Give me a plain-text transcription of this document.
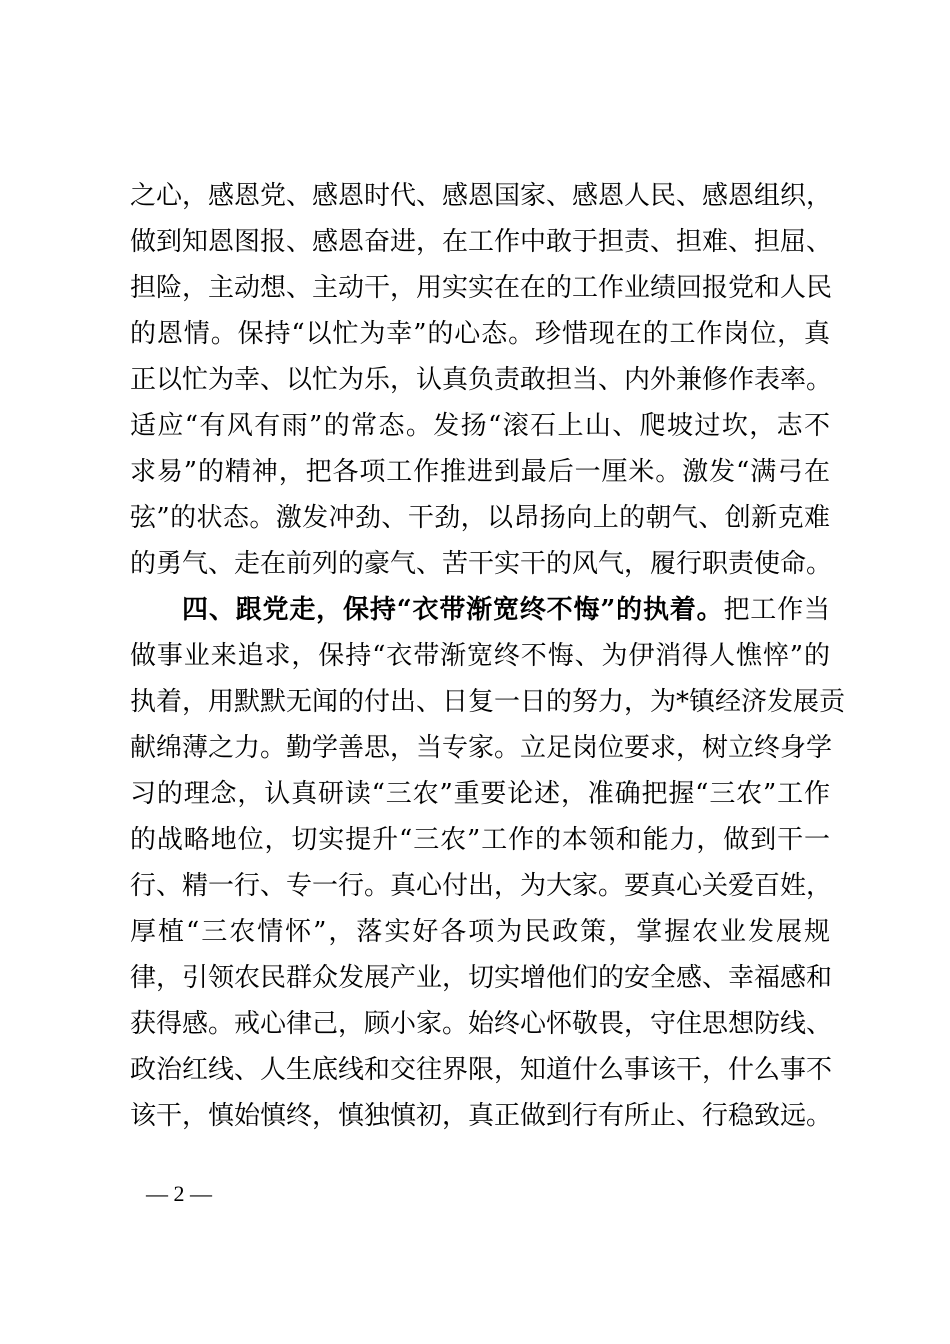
之心，感恩党、感恩时代、感恩国家、感恩人民、感恩组织，
做到知恩图报、感恩奋进，在工作中敢于担责、担难、担屈、
担险，主动想、主动干，用实实在在的工作业绩回报党和人民
的恩情。保持“以忙为幸”的心态。珍惜现在的工作岗位，真
正以忙为幸、以忙为乐，认真负责敢担当、内外兼修作表率。
适应“有风有雨”的常态。发扬“滚石上山、爬坡过坎，志不
求易”的精神，把各项工作推进到最后一厘米。激发“满弓在
弦”的状态。激发冲劲、干劲，以昂扬向上的朝气、创新克难
的勇气、走在前列的豪气、苦干实干的风气，履行职责使命。
四、跟党走，保持“衣带渐宽终不悔”的执着。把工作当
做事业来追求，保持“衣带渐宽终不悔、为伊消得人憔悴”的
执着，用默默无闻的付出、日复一日的努力，为*镇经济发展贡
献绵薄之力。勤学善思，当专家。立足岗位要求，树立终身学
习的理念，认真研读“三农”重要论述，准确把握“三农”工作
的战略地位，切实提升“三农”工作的本领和能力，做到干一
行、精一行、专一行。真心付出，为大家。要真心关爱百姓，
厚植“三农情怀”，落实好各项为民政策，掌握农业发展规
律，引领农民群众发展产业，切实增他们的安全感、幸福感和
获得感。戒心律己，顾小家。始终心怀敬畏，守住思想防线、
政治红线、人生底线和交往界限，知道什么事该干，什么事不
该干，慎始慎终，慎独慎初，真正做到行有所止、行稳致远。
— 2 —
